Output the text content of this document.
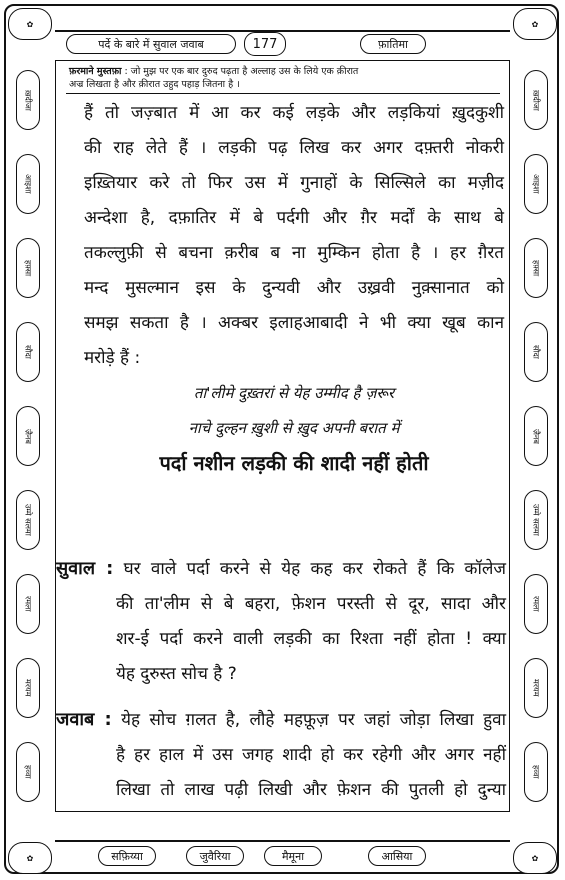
✿	✿
✿	✿
पर्दे के बारे में सुवाल जवाब	177	फ़ातिमा
ख़दीजा
आइशा
हफ़्सा
सौदा
ज़ैनब
उम्मे सलमा
रमला
मरयम
हव्वा
ख़दीजा
आइशा
हफ़्सा
सौदा
ज़ैनब
उम्मे सलमा
रमला
मरयम
हव्वा
फ़रमाने मुस्तफ़ा : जो मुझ पर एक बार दुरुद पढ़ता है अल्लाह उस के लिये एक क़ीरात
अज्र लिखता है और क़ीरात उहुद पहाड़ जितना है ।

हैं तो जज़्बात में आ कर कई लड़के और लड़कियां ख़ुदकुशी
की राह लेते हैं । लड़की पढ़ लिख कर अगर दफ़्तरी नोकरी
इख़्तियार करे तो फिर उस में गुनाहों के सिल्सिले का मज़ीद
अन्देशा है, दफ़ातिर में बे पर्दगी और ग़ैर मर्दों के साथ बे
तकल्लुफ़ी से बचना क़रीब ब ना मुम्किन होता है । हर ग़ैरत
मन्द मुसल्मान इस के दुन्यवी और उख़्रवी नुक़्सानात को
समझ सकता है । अक्बर इलाहआबादी ने भी क्या खूब कान
मरोड़े हैं :

ता'लीमे दुख़्तरां से येह उम्मीद है ज़रूर

नाचे दुल्हन ख़ुशी से ख़ुद अपनी बरात में

पर्दा नशीन लड़की की शादी नहीं होती

सुवाल : घर वाले पर्दा करने से येह कह कर रोकते हैं कि कॉलेज
की ता'लीम से बे बहरा, फ़ेशन परस्ती से दूर, सादा और
शर-ई पर्दा करने वाली लड़की का रिश्ता नहीं होता ! क्या
येह दुरुस्त सोच है ?
जवाब : येह सोच ग़लत है, लौहे महफ़ूज़ पर जहां जोड़ा लिखा हुवा
है हर हाल में उस जगह शादी हो कर रहेगी और अगर नहीं
लिखा तो लाख पढ़ी लिखी और फ़ेशन की पुतली हो दुन्या
सफ़िय्या	जुवैरिया	मैमूना	आसिया
